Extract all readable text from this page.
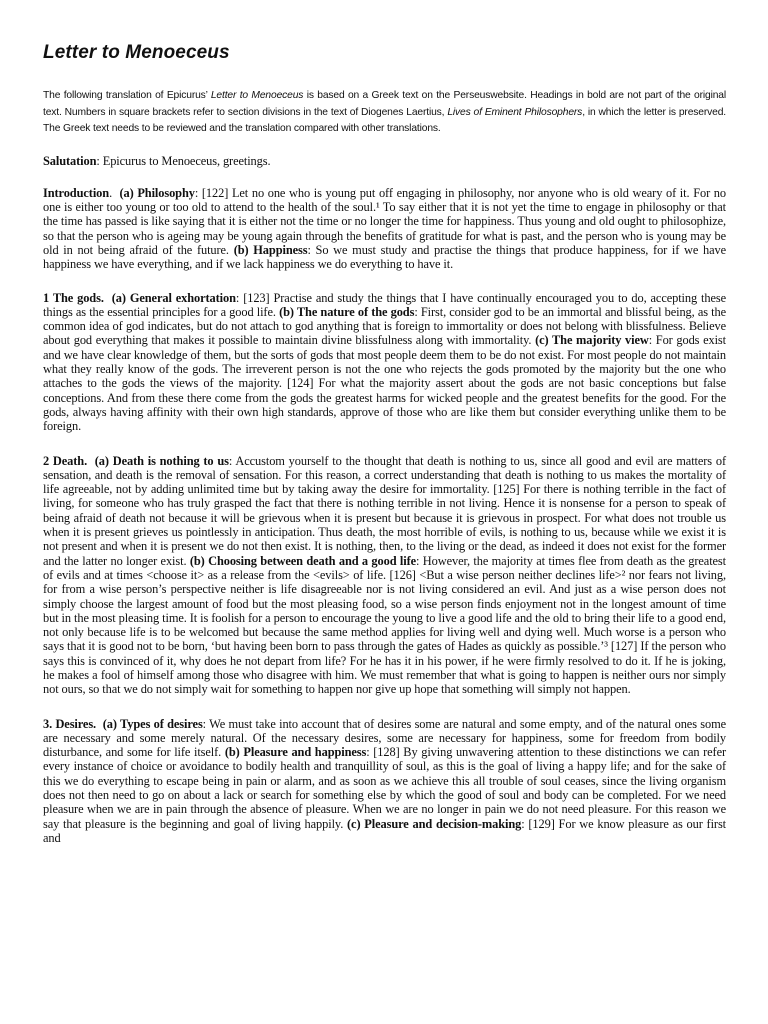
Letter to Menoeceus

The following translation of Epicurus’ Letter to Menoeceus is based on a Greek text on the Perseuswebsite. Headings in bold are not part of the original text. Numbers in square brackets refer to section divisions in the text of Diogenes Laertius, Lives of Eminent Philosophers, in which the letter is preserved. The Greek text needs to be reviewed and the translation compared with other translations.

Salutation: Epicurus to Menoeceus, greetings.

Introduction.  (a) Philosophy: [122] Let no one who is young put off engaging in philosophy, nor anyone who is old weary of it. For no one is either too young or too old to attend to the health of the soul.¹ To say either that it is not yet the time to engage in philosophy or that the time has passed is like saying that it is either not the time or no longer the time for happiness. Thus young and old ought to philosophize, so that the person who is ageing may be young again through the benefits of gratitude for what is past, and the person who is young may be old in not being afraid of the future. (b) Happiness: So we must study and practise the things that produce happiness, for if we have happiness we have everything, and if we lack happiness we do everything to have it.

1 The gods. (a) General exhortation: [123] Practise and study the things that I have continually encouraged you to do, accepting these things as the essential principles for a good life. (b) The nature of the gods: First, consider god to be an immortal and blissful being, as the common idea of god indicates, but do not attach to god anything that is foreign to immortality or does not belong with blissfulness. Believe about god everything that makes it possible to maintain divine blissfulness along with immortality. (c) The majority view: For gods exist and we have clear knowledge of them, but the sorts of gods that most people deem them to be do not exist. For most people do not maintain what they really know of the gods. The irreverent person is not the one who rejects the gods promoted by the majority but the one who attaches to the gods the views of the majority. [124] For what the majority assert about the gods are not basic conceptions but false conceptions. And from these there come from the gods the greatest harms for wicked people and the greatest benefits for the good. For the gods, always having affinity with their own high standards, approve of those who are like them but consider everything unlike them to be foreign.

2 Death. (a) Death is nothing to us: Accustom yourself to the thought that death is nothing to us, since all good and evil are matters of sensation, and death is the removal of sensation. For this reason, a correct understanding that death is nothing to us makes the mortality of life agreeable, not by adding unlimited time but by taking away the desire for immortality. [125] For there is nothing terrible in the fact of living, for someone who has truly grasped the fact that there is nothing terrible in not living. Hence it is nonsense for a person to speak of being afraid of death not because it will be grievous when it is present but because it is grievous in prospect. For what does not trouble us when it is present grieves us pointlessly in anticipation. Thus death, the most horrible of evils, is nothing to us, because while we exist it is not present and when it is present we do not then exist. It is nothing, then, to the living or the dead, as indeed it does not exist for the former and the latter no longer exist. (b) Choosing between death and a good life: However, the majority at times flee from death as the greatest of evils and at times <choose it> as a release from the <evils> of life. [126] <But a wise person neither declines life>² nor fears not living, for from a wise person’s perspective neither is life disagreeable nor is not living considered an evil. And just as a wise person does not simply choose the largest amount of food but the most pleasing food, so a wise person finds enjoyment not in the longest amount of time but in the most pleasing time. It is foolish for a person to encourage the young to live a good life and the old to bring their life to a good end, not only because life is to be welcomed but because the same method applies for living well and dying well. Much worse is a person who says that it is good not to be born, ‘but having been born to pass through the gates of Hades as quickly as possible.’³ [127] If the person who says this is convinced of it, why does he not depart from life? For he has it in his power, if he were firmly resolved to do it. If he is joking, he makes a fool of himself among those who disagree with him. We must remember that what is going to happen is neither ours nor simply not ours, so that we do not simply wait for something to happen nor give up hope that something will simply not happen.

3. Desires. (a) Types of desires: We must take into account that of desires some are natural and some empty, and of the natural ones some are necessary and some merely natural. Of the necessary desires, some are necessary for happiness, some for freedom from bodily disturbance, and some for life itself. (b) Pleasure and happiness: [128] By giving unwavering attention to these distinctions we can refer every instance of choice or avoidance to bodily health and tranquillity of soul, as this is the goal of living a happy life; and for the sake of this we do everything to escape being in pain or alarm, and as soon as we achieve this all trouble of soul ceases, since the living organism does not then need to go on about a lack or search for something else by which the good of soul and body can be completed. For we need pleasure when we are in pain through the absence of pleasure. When we are no longer in pain we do not need pleasure. For this reason we say that pleasure is the beginning and goal of living happily. (c) Pleasure and decision-making: [129] For we know pleasure as our first and
